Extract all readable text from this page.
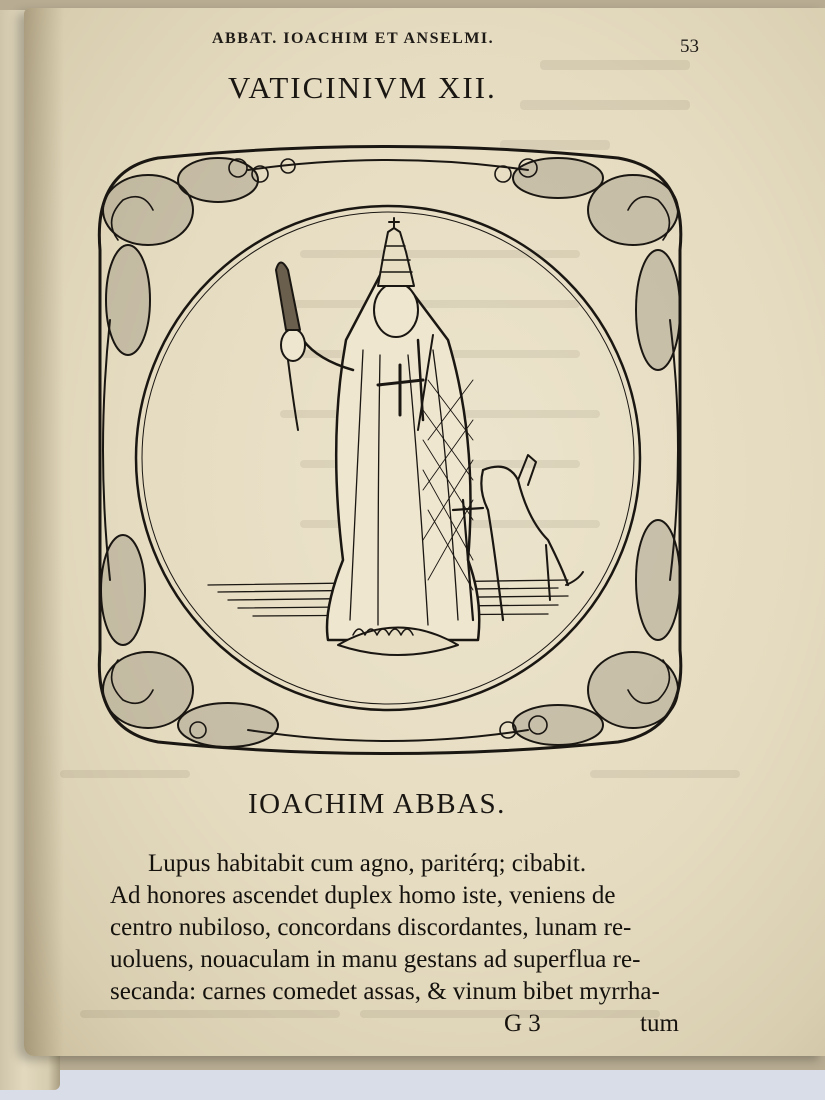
ABBAT. IOACHIM ET ANSELMI.	53
VATICINIVM XII.
IOACHIM ABBAS.
Lupus habitabit cum agno, paritérq; cibabit.
Ad honores ascendet duplex homo iste, veniens de
centro nubiloso, concordans discordantes, lunam re-
uoluens, nouaculam in manu gestans ad superflua re-
secanda: carnes comedet assas, & vinum bibet myrrha-
G 3	tum
